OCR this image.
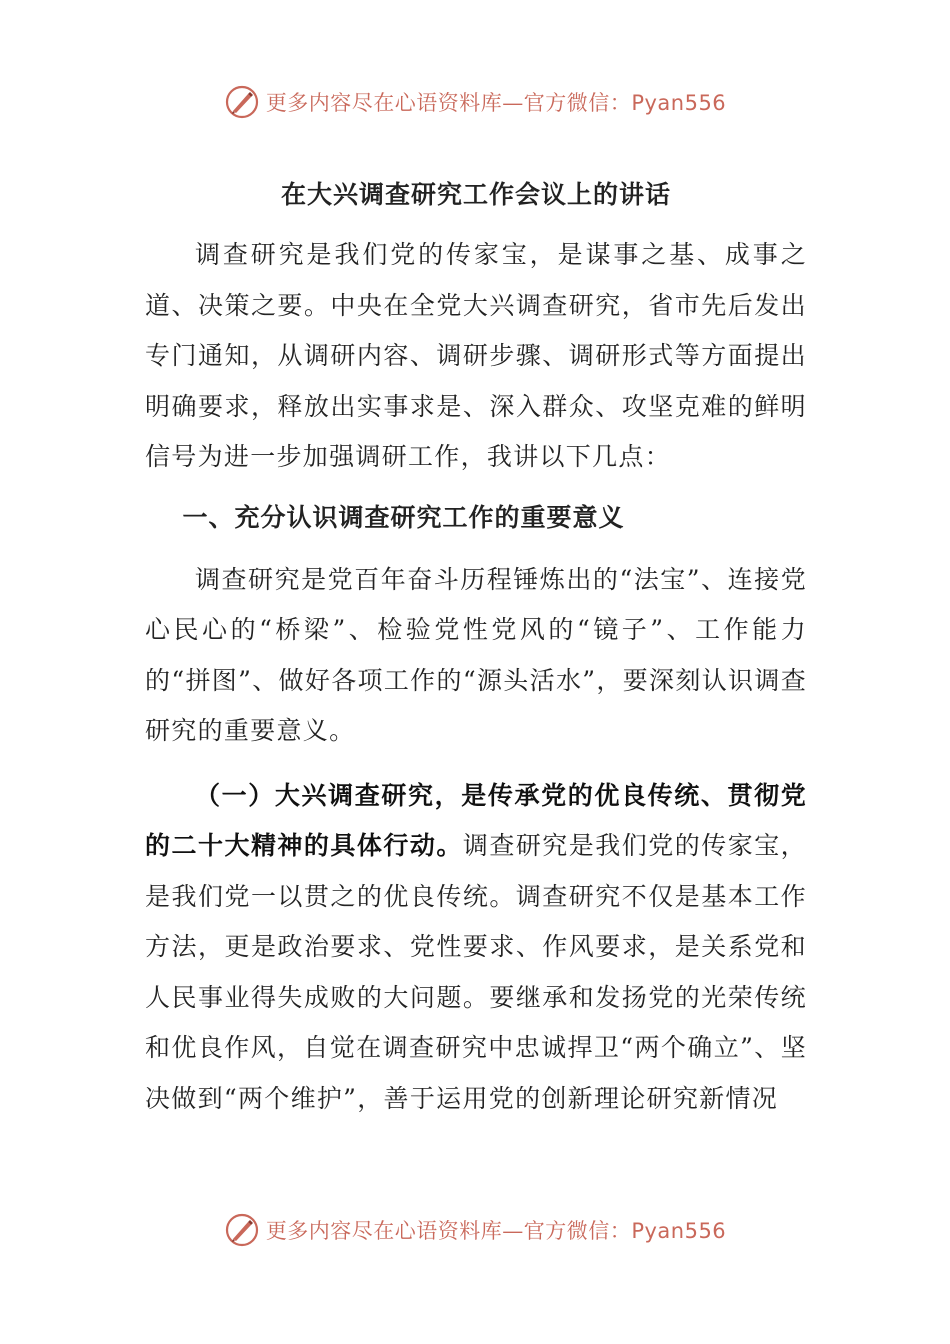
更多内容尽在心语资料库—官方微信：Pyan556
在大兴调查研究工作会议上的讲话

调查研究是我们党的传家宝，是谋事之基、成事之道、决策之要。中央在全党大兴调查研究，省市先后发出专门通知，从调研内容、调研步骤、调研形式等方面提出明确要求，释放出实事求是、深入群众、攻坚克难的鲜明信号为进一步加强调研工作，我讲以下几点：

一、充分认识调查研究工作的重要意义

调查研究是党百年奋斗历程锤炼出的“法宝”、连接党心民心的“桥梁”、检验党性党风的“镜子”、工作能力的“拼图”、做好各项工作的“源头活水”，要深刻认识调查研究的重要意义。

（一）大兴调查研究，是传承党的优良传统、贯彻党的二十大精神的具体行动。调查研究是我们党的传家宝，是我们党一以贯之的优良传统。调查研究不仅是基本工作方法，更是政治要求、党性要求、作风要求，是关系党和人民事业得失成败的大问题。要继承和发扬党的光荣传统和优良作风，自觉在调查研究中忠诚捍卫“两个确立”、坚决做到“两个维护”，善于运用党的创新理论研究新情况

更多内容尽在心语资料库—官方微信：Pyan556
